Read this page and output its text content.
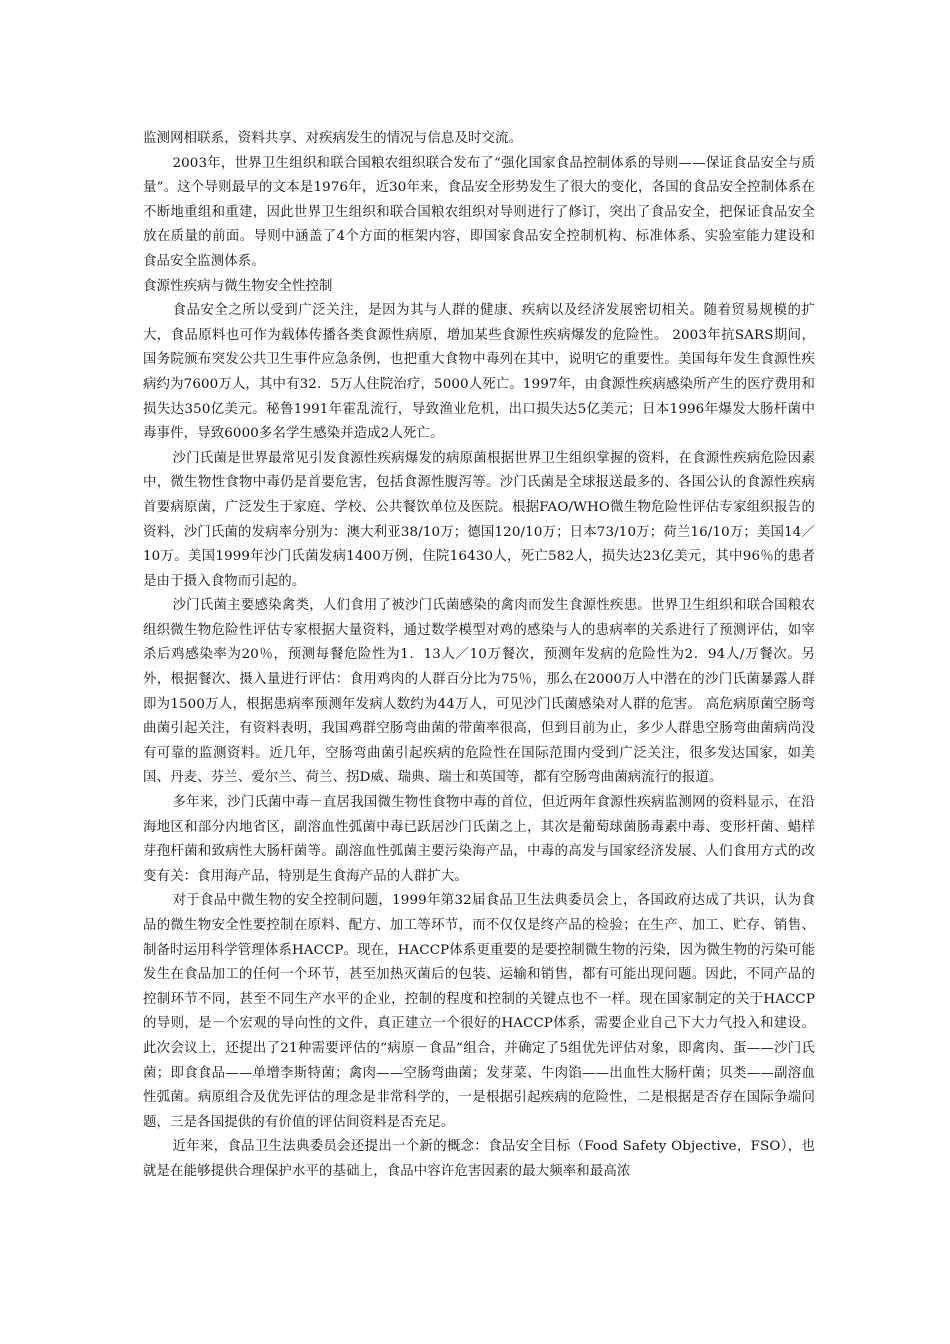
监测网相联系，资料共享、对疾病发生的情况与信息及时交流。

2003年，世界卫生组织和联合国粮农组织联合发布了“强化国家食品控制体系的导则——保证食品安全与质量”。这个导则最早的文本是1976年，近30年来，食品安全形势发生了很大的变化，各国的食品安全控制体系在不断地重组和重建，因此世界卫生组织和联合国粮农组织对导则进行了修订，突出了食品安全，把保证食品安全放在质量的前面。导则中涵盖了4个方面的框架内容，即国家食品安全控制机构、标准体系、实验室能力建设和食品安全监测体系。

食源性疾病与微生物安全性控制

食品安全之所以受到广泛关注，是因为其与人群的健康、疾病以及经济发展密切相关。随着贸易规模的扩大，食品原料也可作为载体传播各类食源性病原，增加某些食源性疾病爆发的危险性。 2003年抗SARS期间，国务院颁布突发公共卫生事件应急条例，也把重大食物中毒列在其中，说明它的重要性。美国每年发生食源性疾病约为7600万人，其中有32．5万人住院治疗，5000人死亡。1997年，由食源性疾病感染所产生的医疗费用和损失达350亿美元。秘鲁1991年霍乱流行，导致渔业危机，出口损失达5亿美元；日本1996年爆发大肠杆菌中毒事件，导致6000多名学生感染并造成2人死亡。

沙门氏菌是世界最常见引发食源性疾病爆发的病原菌根据世界卫生组织掌握的资料，在食源性疾病危险因素中，微生物性食物中毒仍是首要危害，包括食源性腹泻等。沙门氏菌是全球报送最多的、各国公认的食源性疾病首要病原菌，广泛发生于家庭、学校、公共餐饮单位及医院。根据FAO/WHO微生物危险性评估专家组织报告的资料，沙门氏菌的发病率分别为：澳大利亚38/10万；德国120/10万；日本73/10万；荷兰16/10万；美国14／10万。美国1999年沙门氏菌发病1400万例，住院16430人，死亡582人，损失达23亿美元，其中96％的患者是由于摄入食物而引起的。

沙门氏菌主要感染禽类，人们食用了被沙门氏菌感染的禽肉而发生食源性疾患。世界卫生组织和联合国粮农组织微生物危险性评估专家根据大量资料，通过数学模型对鸡的感染与人的患病率的关系进行了预测评估，如宰杀后鸡感染率为20％，预测每餐危险性为1．13人／10万餐次，预测年发病的危险性为2．94人/万餐次。另外，根据餐次、摄入量进行评估：食用鸡肉的人群百分比为75％，那么在2000万人中潜在的沙门氏菌暴露人群即为1500万人，根据患病率预测年发病人数约为44万人，可见沙门氏菌感染对人群的危害。 高危病原菌空肠弯曲菌引起关注，有资料表明，我国鸡群空肠弯曲菌的带菌率很高，但到目前为止，多少人群患空肠弯曲菌病尚没有可靠的监测资料。近几年，空肠弯曲菌引起疾病的危险性在国际范围内受到广泛关注，很多发达国家，如美国、丹麦、芬兰、爱尔兰、荷兰、拐D威、瑞典、瑞士和英国等，都有空肠弯曲菌病流行的报道。

多年来，沙门氏菌中毒－直居我国微生物性食物中毒的首位，但近两年食源性疾病监测网的资料显示，在沿海地区和部分内地省区，副溶血性弧菌中毒已跃居沙门氏菌之上，其次是葡萄球菌肠毒素中毒、变形杆菌、蜡样芽孢杆菌和致病性大肠杆菌等。副溶血性弧菌主要污染海产品，中毒的高发与国家经济发展、人们食用方式的改变有关：食用海产品，特别是生食海产品的人群扩大。

对于食品中微生物的安全控制问题，1999年第32届食品卫生法典委员会上，各国政府达成了共识，认为食品的微生物安全性要控制在原料、配方、加工等环节，而不仅仅是终产品的检验；在生产、加工、贮存、销售、制备时运用科学管理体系HACCP。现在，HACCP体系更重要的是要控制微生物的污染，因为微生物的污染可能发生在食品加工的任何一个环节，甚至加热灭菌后的包装、运输和销售，都有可能出现问题。因此，不同产品的控制环节不同，甚至不同生产水平的企业，控制的程度和控制的关键点也不一样。现在国家制定的关于HACCP的导则，是－个宏观的导向性的文件，真正建立一个很好的HACCP体系，需要企业自己下大力气投入和建设。此次会议上，还提出了21种需要评估的“病原－食品”组合，并确定了5组优先评估对象，即禽肉、蛋——沙门氏菌；即食食品——单增李斯特菌；禽肉——空肠弯曲菌；发芽菜、牛肉馅——出血性大肠杆菌；贝类——副溶血性弧菌。病原组合及优先评估的理念是非常科学的，一是根据引起疾病的危险性，二是根据是否存在国际争端问题，三是各国提供的有价值的评估间资料是否充足。

近年来，食品卫生法典委员会还提出一个新的概念：食品安全目标（Food Safety Objective，FSO），也就是在能够提供合理保护水平的基础上，食品中容许危害因素的最大频率和最高浓
